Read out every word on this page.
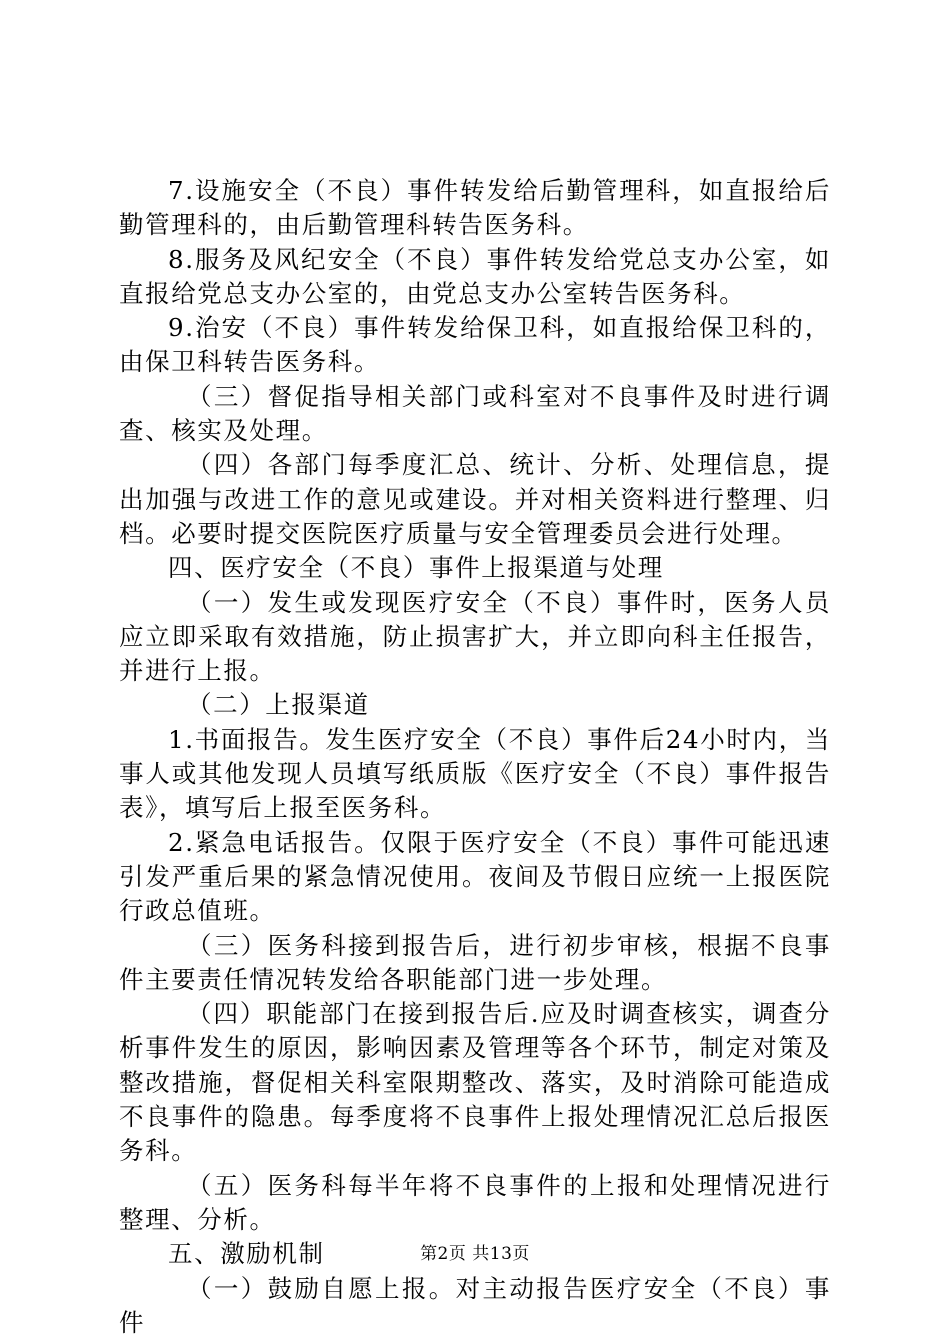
7.设施安全（不良）事件转发给后勤管理科，如直报给后勤管理科的，由后勤管理科转告医务科。

8.服务及风纪安全（不良）事件转发给党总支办公室，如直报给党总支办公室的，由党总支办公室转告医务科。

9.治安（不良）事件转发给保卫科，如直报给保卫科的，由保卫科转告医务科。

（三）督促指导相关部门或科室对不良事件及时进行调查、核实及处理。

（四）各部门每季度汇总、统计、分析、处理信息，提出加强与改进工作的意见或建设。并对相关资料进行整理、归档。必要时提交医院医疗质量与安全管理委员会进行处理。

四、医疗安全（不良）事件上报渠道与处理

（一）发生或发现医疗安全（不良）事件时，医务人员应立即采取有效措施，防止损害扩大，并立即向科主任报告，并进行上报。

（二）上报渠道

1.书面报告。发生医疗安全（不良）事件后24小时内，当事人或其他发现人员填写纸质版《医疗安全（不良）事件报告表》，填写后上报至医务科。

2.紧急电话报告。仅限于医疗安全（不良）事件可能迅速引发严重后果的紧急情况使用。夜间及节假日应统一上报医院行政总值班。

（三）医务科接到报告后，进行初步审核，根据不良事件主要责任情况转发给各职能部门进一步处理。

（四）职能部门在接到报告后.应及时调查核实，调查分析事件发生的原因，影响因素及管理等各个环节，制定对策及整改措施，督促相关科室限期整改、落实，及时消除可能造成不良事件的隐患。每季度将不良事件上报处理情况汇总后报医务科。

（五）医务科每半年将不良事件的上报和处理情况进行整理、分析。

五、激励机制

（一）鼓励自愿上报。对主动报告医疗安全（不良）事件

第2页 共13页
